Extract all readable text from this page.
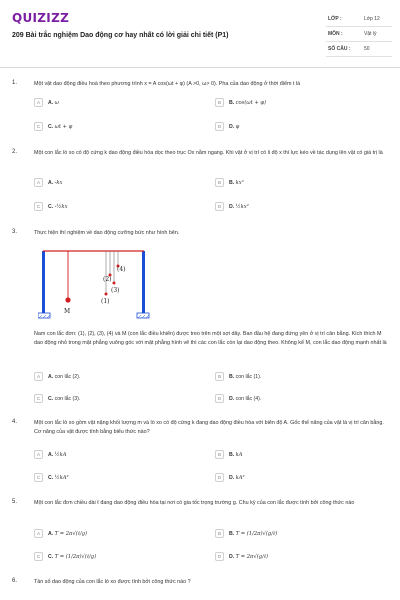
QUIZIZZ
209 Bài trắc nghiệm Dao động cơ hay nhất có lời giải chi tiết (P1)
LỚP :	Lớp 12
MÔN :	Vật lý
SỐ CÂU :	50
1.	Một vật dao động điều hoà theo phương trình x = A cos(ωt + φ) (A >0, ω> 0). Pha của dao động ở thời điểm t là
A	A. ω	B	B. cos(ωt + φ)
C	C. ωt + φ	D	D. φ
2.	Một con lắc lò xo có độ cứng k dao động điều hòa dọc theo trục Ox nằm ngang. Khi vật ở vị trí có li độ x thì lực kéo về tác dụng lên vật có giá trị là
A	A. -kx	B	B. kx²
C	C. -½kx	D	D. ½kx²
3.	Thực hiện thí nghiệm về dao động cưỡng bức như hình bên.
(1)
(2)
(3)
(4)
M
Nam con lắc đơn: (1), (2), (3), (4) và M (con lắc điều khiển) được treo trên một sợi dây. Ban đầu hệ đang đứng yên ở vị trí cân bằng. Kích thích M dao động nhỏ trong mặt phẳng vuông góc với mặt phẳng hình vẽ thì các con lắc còn lại dao động theo. Không kể M, con lắc dao động mạnh nhất là
A	A. con lắc (2).	B	B. con lắc (1).
C	C. con lắc (3).	D	D. con lắc (4).
4.	Một con lắc lò xo gồm vật nặng khối lượng m và lò xo có độ cứng k đang dao động điều hòa với biên độ A. Gốc thế năng của vật là vị trí cân bằng. Cơ năng của vật được tính bằng biểu thức nào?
A	A. ½kA	B	B. kA
C	C. ½kA²	D	D. kA²
5.	Một con lắc đơn chiều dài ℓ đang dao động điều hòa tại nơi có gia tốc trọng trường g. Chu kỳ của con lắc được tính bởi công thức nào
A	A. T = 2π√(ℓ/g)	B	B. T = (1/2π)√(g/ℓ)
C	C. T = (1/2π)√(ℓ/g)	D	D. T = 2π√(g/ℓ)
6.	Tần số dao động của con lắc lò xo được tính bởi công thức nào ?
